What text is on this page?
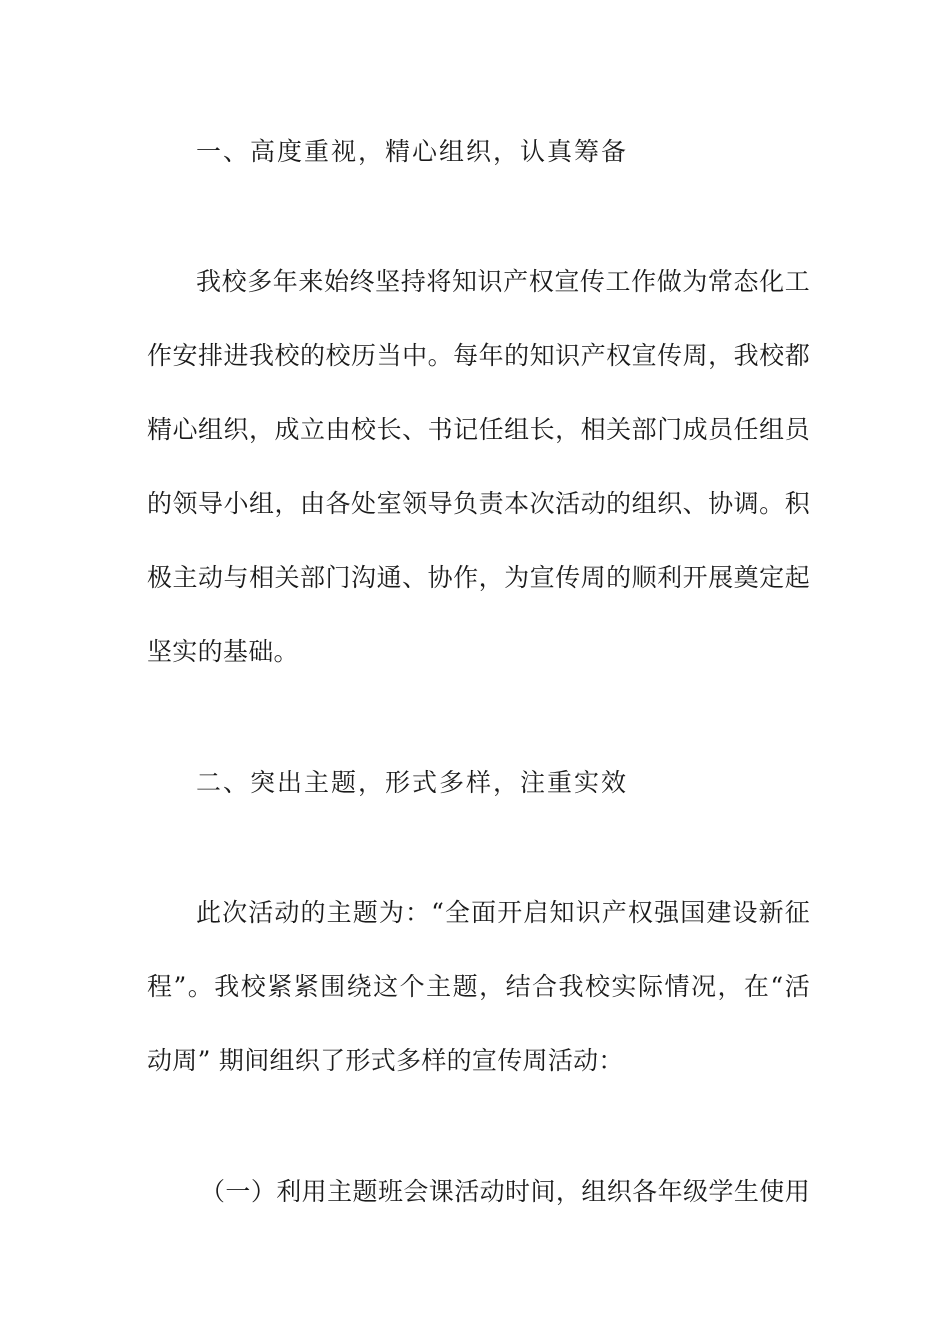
一、高度重视，精心组织，认真筹备
我校多年来始终坚持将知识产权宣传工作做为常态化工
作安排进我校的校历当中。每年的知识产权宣传周，我校都
精心组织，成立由校长、书记任组长，相关部门成员任组员
的领导小组，由各处室领导负责本次活动的组织、协调。积
极主动与相关部门沟通、协作，为宣传周的顺利开展奠定起
坚实的基础。
二、突出主题，形式多样，注重实效
此次活动的主题为：“全面开启知识产权强国建设新征
程”。我校紧紧围绕这个主题，结合我校实际情况，在“活
动周” 期间组织了形式多样的宣传周活动：
（一）利用主题班会课活动时间，组织各年级学生使用
